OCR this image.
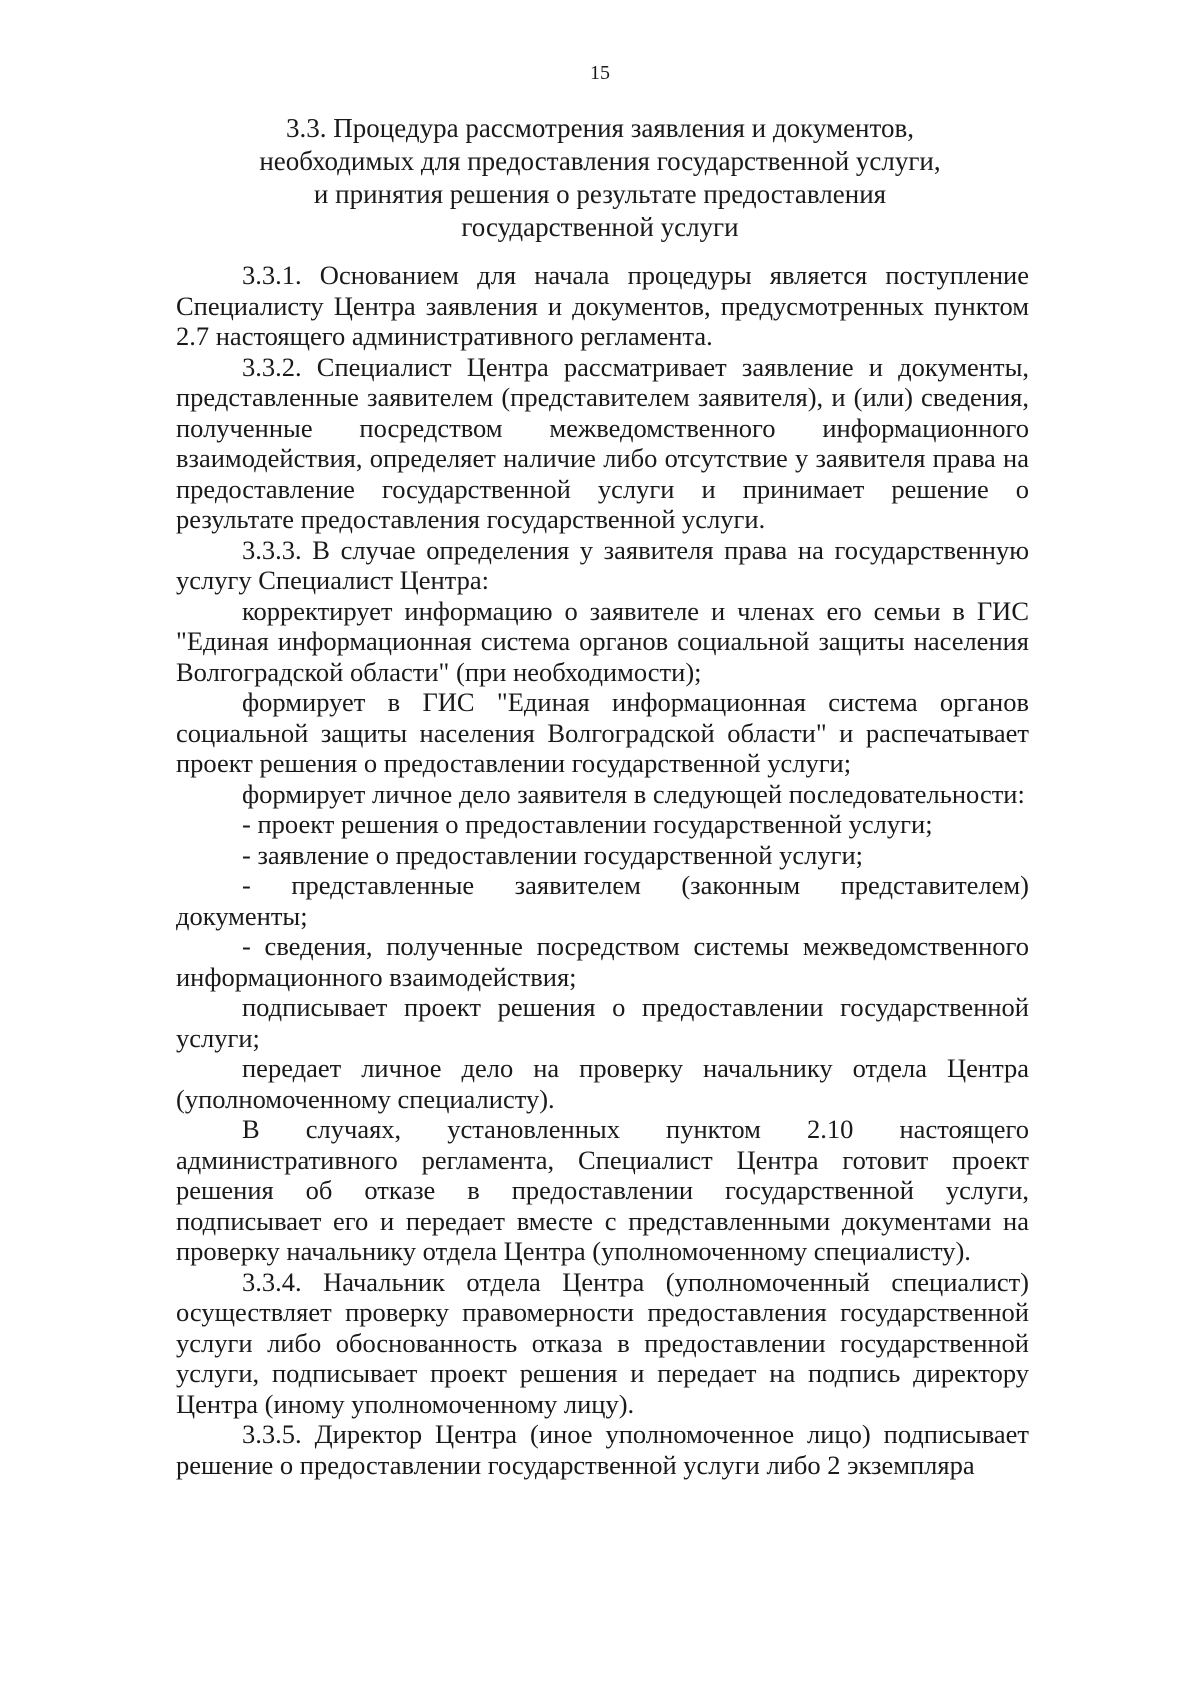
15
3.3. Процедура рассмотрения заявления и документов,
необходимых для предоставления государственной услуги,
и принятия решения о результате предоставления
государственной услуги

3.3.1. Основанием для начала процедуры является поступление Специалисту Центра заявления и документов, предусмотренных пунктом 2.7 настоящего административного регламента.

3.3.2. Специалист Центра рассматривает заявление и документы, представленные заявителем (представителем заявителя), и (или) сведения, полученные посредством межведомственного информационного взаимодействия, определяет наличие либо отсутствие у заявителя права на предоставление государственной услуги и принимает решение о результате предоставления государственной услуги.

3.3.3. В случае определения у заявителя права на государственную услугу Специалист Центра:

корректирует информацию о заявителе и членах его семьи в ГИС "Единая информационная система органов социальной защиты населения Волгоградской области" (при необходимости);

формирует в ГИС "Единая информационная система органов социальной защиты населения Волгоградской области" и распечатывает проект решения о предоставлении государственной услуги;

формирует личное дело заявителя в следующей последовательности:

- проект решения о предоставлении государственной услуги;

- заявление о предоставлении государственной услуги;

- представленные заявителем (законным представителем) документы;

- сведения, полученные посредством системы межведомственного информационного взаимодействия;

подписывает проект решения о предоставлении государственной услуги;

передает личное дело на проверку начальнику отдела Центра (уполномоченному специалисту).

В случаях, установленных пунктом 2.10 настоящего административного регламента, Специалист Центра готовит проект решения об отказе в предоставлении государственной услуги, подписывает его и передает вместе с представленными документами на проверку начальнику отдела Центра (уполномоченному специалисту).

3.3.4. Начальник отдела Центра (уполномоченный специалист) осуществляет проверку правомерности предоставления государственной услуги либо обоснованность отказа в предоставлении государственной услуги, подписывает проект решения и передает на подпись директору Центра (иному уполномоченному лицу).

3.3.5. Директор Центра (иное уполномоченное лицо) подписывает решение о предоставлении государственной услуги либо 2 экземпляра
